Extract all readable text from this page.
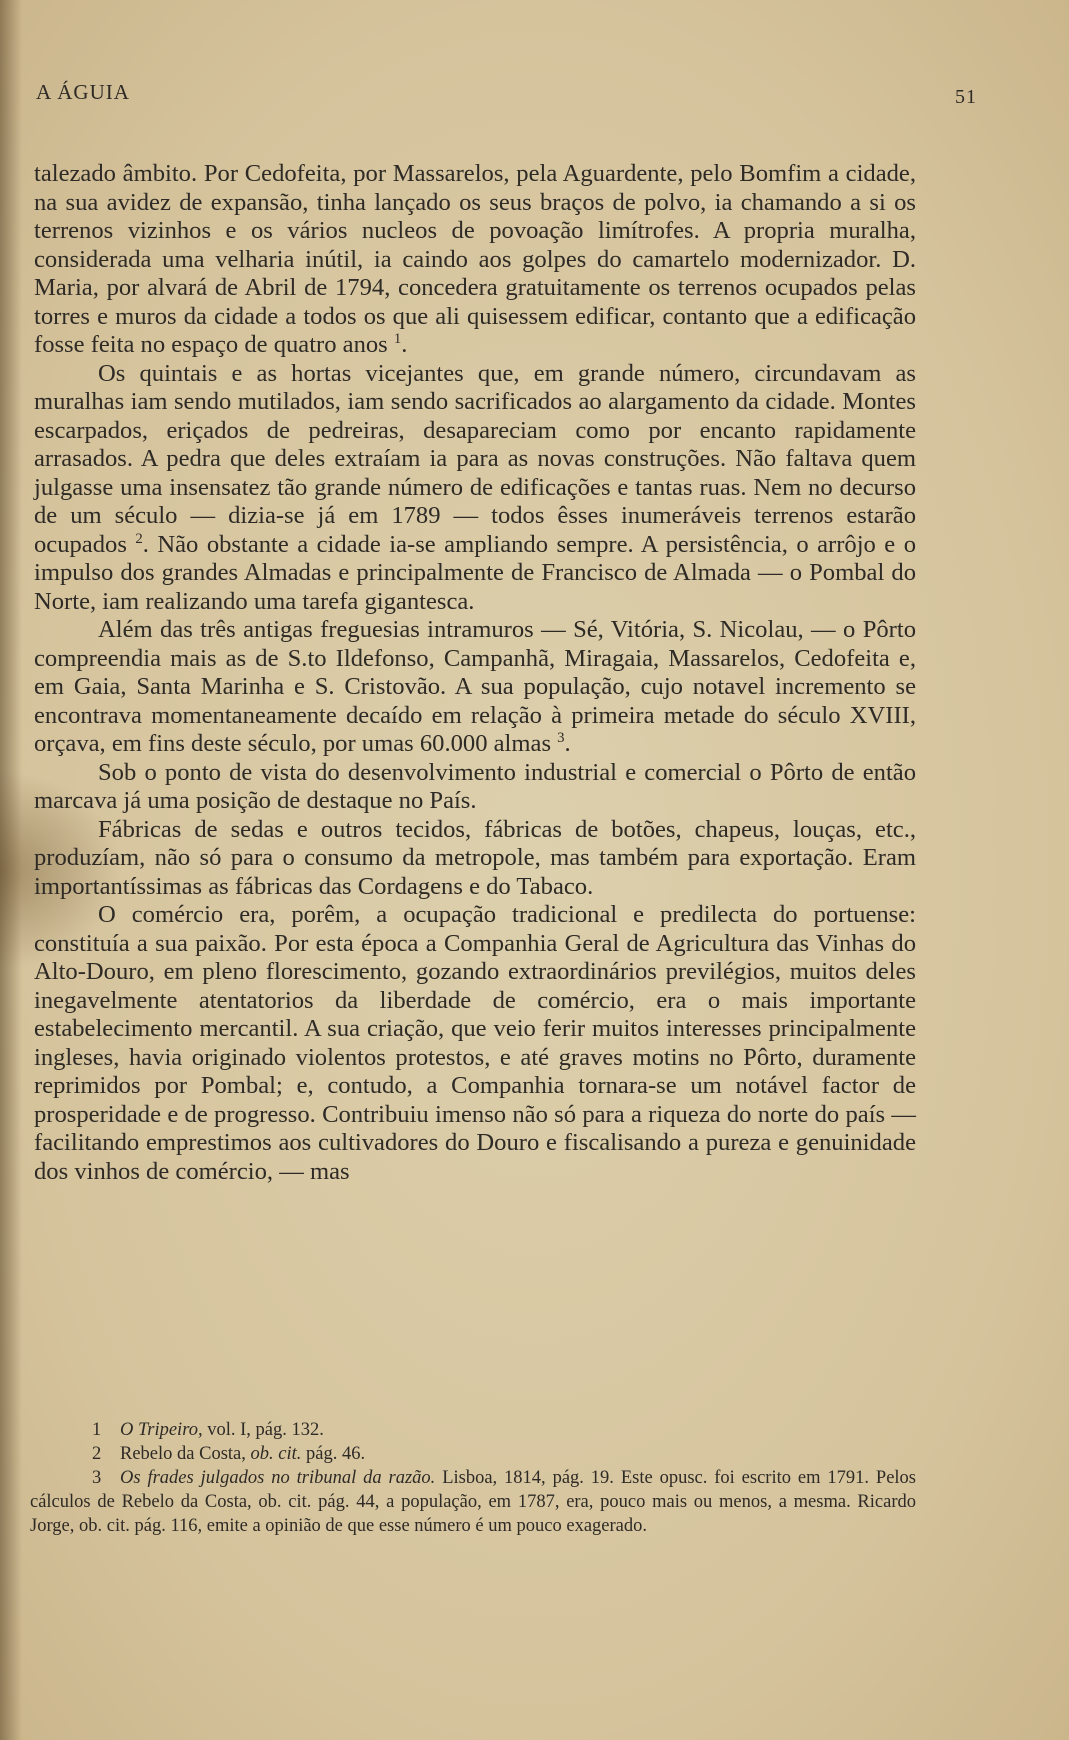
A ÁGUIA	51

talezado âmbito. Por Cedofeita, por Massarelos, pela Aguardente, pelo Bomfim a cidade, na sua avidez de expansão, tinha lançado os seus braços de polvo, ia chamando a si os terrenos vizinhos e os vários nucleos de povoação limítrofes. A propria muralha, considerada uma velharia inútil, ia caindo aos golpes do camartelo modernizador. D. Maria, por alvará de Abril de 1794, concedera gratuitamente os terrenos ocupados pelas torres e muros da cidade a todos os que ali quisessem edificar, contanto que a edificação fosse feita no espaço de quatro anos $^1$.

Os quintais e as hortas vicejantes que, em grande número, circundavam as muralhas iam sendo mutilados, iam sendo sacrificados ao alargamento da cidade. Montes escarpados, eriçados de pedreiras, desapareciam como por encanto rapidamente arrasados. A pedra que deles extraíam ia para as novas construções. Não faltava quem julgasse uma insensatez tão grande número de edificações e tantas ruas. Nem no decurso de um século — dizia-se já em 1789 — todos êsses inumeráveis terrenos estarão ocupados $^2$. Não obstante a cidade ia-se ampliando sempre. A persistência, o arrôjo e o impulso dos grandes Almadas e principalmente de Francisco de Almada — o Pombal do Norte, iam realizando uma tarefa gigantesca.

Além das três antigas freguesias intramuros — Sé, Vitória, S. Nicolau, — o Pôrto compreendia mais as de S.to Ildefonso, Campanhã, Miragaia, Massarelos, Cedofeita e, em Gaia, Santa Marinha e S. Cristovão. A sua população, cujo notavel incremento se encontrava momentaneamente decaído em relação à primeira metade do século XVIII, orçava, em fins deste século, por umas 60.000 almas $^3$.

Sob o ponto de vista do desenvolvimento industrial e comercial o Pôrto de então marcava já uma posição de destaque no País.

Fábricas de sedas e outros tecidos, fábricas de botões, chapeus, louças, etc., produzíam, não só para o consumo da metropole, mas também para exportação. Eram importantíssimas as fábricas das Cordagens e do Tabaco.

O comércio era, porêm, a ocupação tradicional e predilecta do portuense: constituía a sua paixão. Por esta época a Companhia Geral de Agricultura das Vinhas do Alto-Douro, em pleno florescimento, gozando extraordinários previlégios, muitos deles inegavelmente atentatorios da liberdade de comércio, era o mais importante estabelecimento mercantil. A sua criação, que veio ferir muitos interesses principalmente ingleses, havia originado violentos protestos, e até graves motins no Pôrto, duramente reprimidos por Pombal; e, contudo, a Companhia tornara-se um notável factor de prosperidade e de progresso. Contribuiu imenso não só para a riqueza do norte do país — facilitando emprestimos aos cultivadores do Douro e fiscalisando a pureza e genuinidade dos vinhos de comércio, — mas

1 O Tripeiro, vol. I, pág. 132.

2 Rebelo da Costa, ob. cit. pág. 46.

3 Os frades julgados no tribunal da razão. Lisboa, 1814, pág. 19. Este opusc. foi escrito em 1791. Pelos cálculos de Rebelo da Costa, ob. cit. pág. 44, a população, em 1787, era, pouco mais ou menos, a mesma. Ricardo Jorge, ob. cit. pág. 116, emite a opinião de que esse número é um pouco exagerado.
